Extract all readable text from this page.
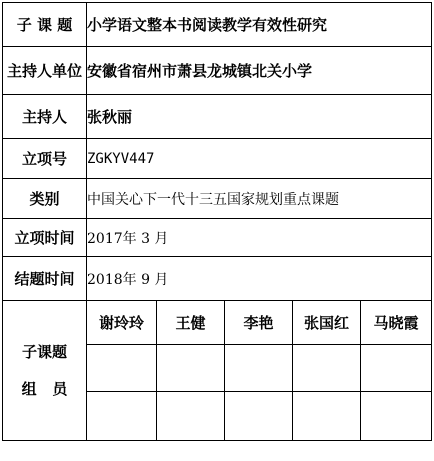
子 课 题	小学语文整本书阅读教学有效性研究				
主持人单位	安徽省宿州市萧县龙城镇北关小学				
主持人	张秋丽				
立项号	ZGKYV447				
类别	中国关心下一代十三五国家规划重点课题				
立项时间	2017年 3 月				
结题时间	2018年 9 月				

子课题
组   员	谢玲玲	王健	李艳	张国红	马晓霞
